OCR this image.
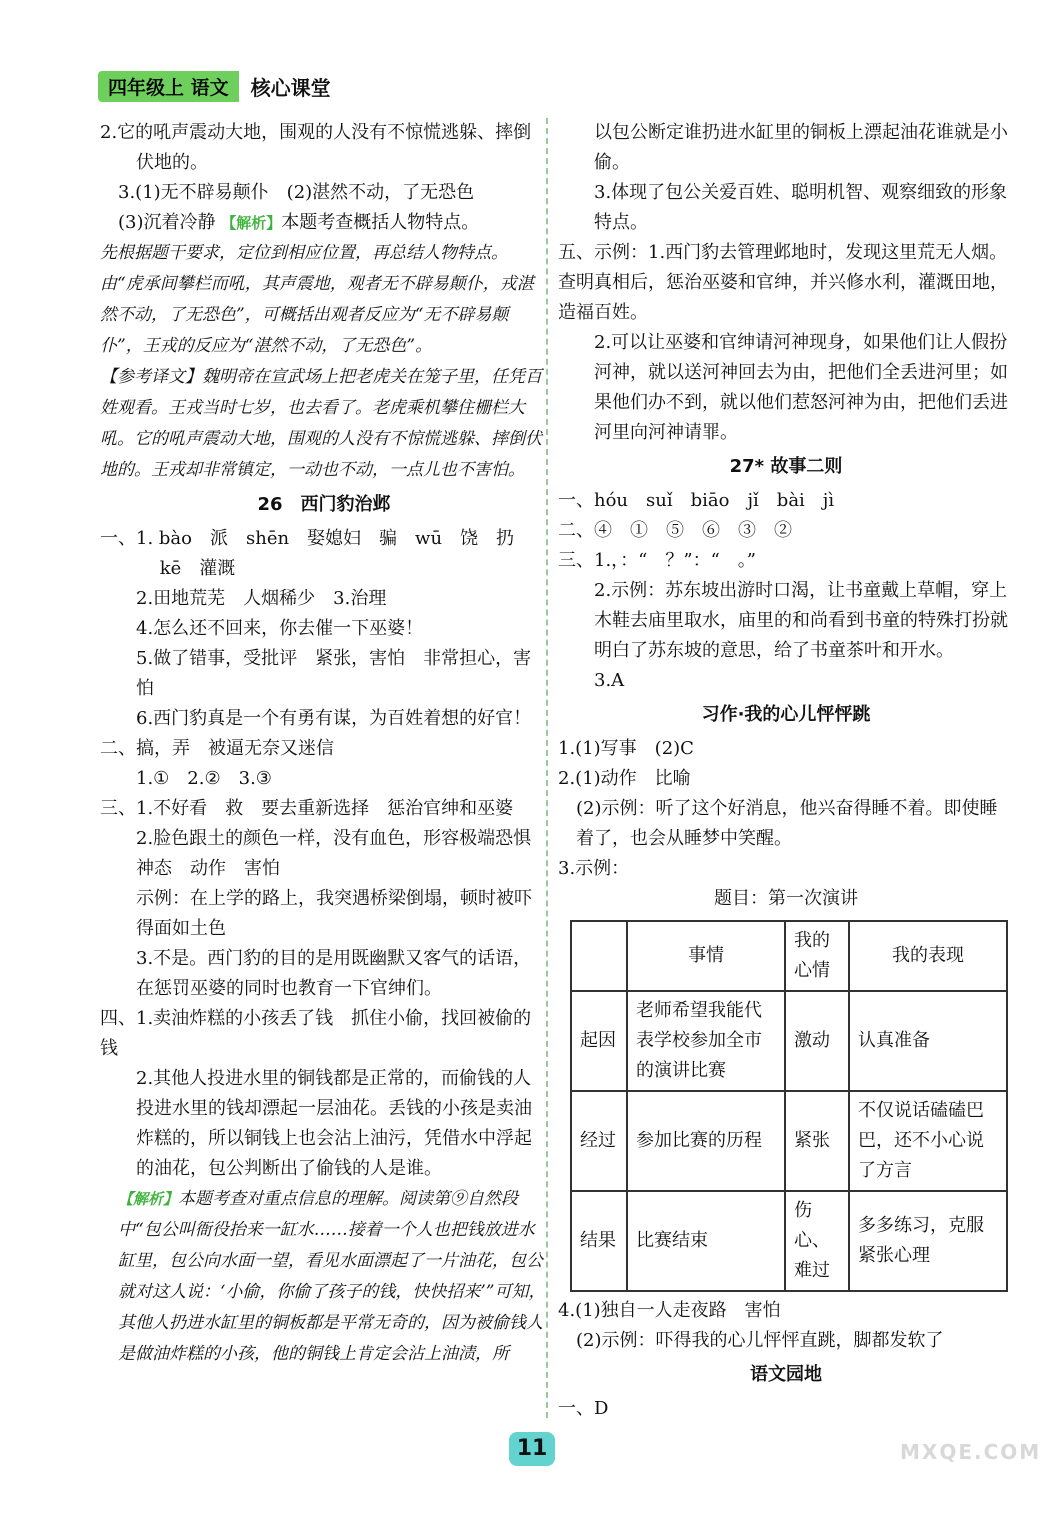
四年级上 语文	核心课堂

2.它的吼声震动大地，围观的人没有不惊慌逃躲、摔倒伏地的。

3.(1)无不辟易颠仆　(2)湛然不动，了无恐色

(3)沉着冷静 【解析】本题考查概括人物特点。

先根据题干要求，定位到相应位置，再总结人物特点。由“虎承间攀栏而吼，其声震地，观者无不辟易颠仆，戎湛然不动，了无恐色”，可概括出观者反应为“无不辟易颠仆”，王戎的反应为“湛然不动，了无恐色”。

【参考译文】魏明帝在宣武场上把老虎关在笼子里，任凭百姓观看。王戎当时七岁，也去看了。老虎乘机攀住栅栏大吼。它的吼声震动大地，围观的人没有不惊慌逃躲、摔倒伏地的。王戎却非常镇定，一动也不动，一点儿也不害怕。

26　西门豹治邺

一、1. bào　派　shēn　娶媳妇　骗　wū　饶　扔

　 kē　灌溉

2.田地荒芜　人烟稀少　3.治理

4.怎么还不回来，你去催一下巫婆！

5.做了错事，受批评　紧张，害怕　非常担心，害怕

6.西门豹真是一个有勇有谋，为百姓着想的好官！

二、搞，弄　被逼无奈又迷信

1.①　2.②　3.③

三、1.不好看　救　要去重新选择　惩治官绅和巫婆

2.脸色跟土的颜色一样，没有血色，形容极端恐惧

神态　动作　害怕

示例：在上学的路上，我突遇桥梁倒塌，顿时被吓得面如土色

3.不是。西门豹的目的是用既幽默又客气的话语，在惩罚巫婆的同时也教育一下官绅们。

四、1.卖油炸糕的小孩丢了钱　抓住小偷，找回被偷的钱

2.其他人投进水里的铜钱都是正常的，而偷钱的人投进水里的钱却漂起一层油花。丢钱的小孩是卖油炸糕的，所以铜钱上也会沾上油污，凭借水中浮起的油花，包公判断出了偷钱的人是谁。

【解析】本题考查对重点信息的理解。阅读第⑨自然段中“包公叫衙役抬来一缸水……接着一个人也把钱放进水缸里，包公向水面一望，看见水面漂起了一片油花，包公就对这人说：‘小偷，你偷了孩子的钱，快快招来’”可知，其他人扔进水缸里的铜板都是平常无奇的，因为被偷钱人是做油炸糕的小孩，他的铜钱上肯定会沾上油渍，所

以包公断定谁扔进水缸里的铜板上漂起油花谁就是小偷。

3.体现了包公关爱百姓、聪明机智、观察细致的形象特点。

五、示例：1.西门豹去管理邺地时，发现这里荒无人烟。查明真相后，惩治巫婆和官绅，并兴修水利，灌溉田地，造福百姓。

2.可以让巫婆和官绅请河神现身，如果他们让人假扮河神，就以送河神回去为由，把他们全丢进河里；如果他们办不到，就以他们惹怒河神为由，把他们丢进河里向河神请罪。

27* 故事二则

一、hóu　suǐ　biāo　jǐ　bài　jì

二、④　①　⑤　⑥　③　②

三、1.，：“　？”：“　。”

2.示例：苏东坡出游时口渴，让书童戴上草帽，穿上木鞋去庙里取水，庙里的和尚看到书童的特殊打扮就明白了苏东坡的意思，给了书童茶叶和开水。

3.A

习作·我的心儿怦怦跳

1.(1)写事　(2)C

2.(1)动作　比喻

(2)示例：听了这个好消息，他兴奋得睡不着。即使睡着了，也会从睡梦中笑醒。

3.示例：

题目：第一次演讲

	事情	我的心情	我的表现
起因	老师希望我能代表学校参加全市的演讲比赛	激动	认真准备
经过	参加比赛的历程	紧张	不仅说话磕磕巴巴，还不小心说了方言
结果	比赛结束	伤心、难过	多多练习，克服紧张心理

4.(1)独自一人走夜路　害怕

(2)示例：吓得我的心儿怦怦直跳，脚都发软了

语文园地

一、D

11	MXQE.COM
